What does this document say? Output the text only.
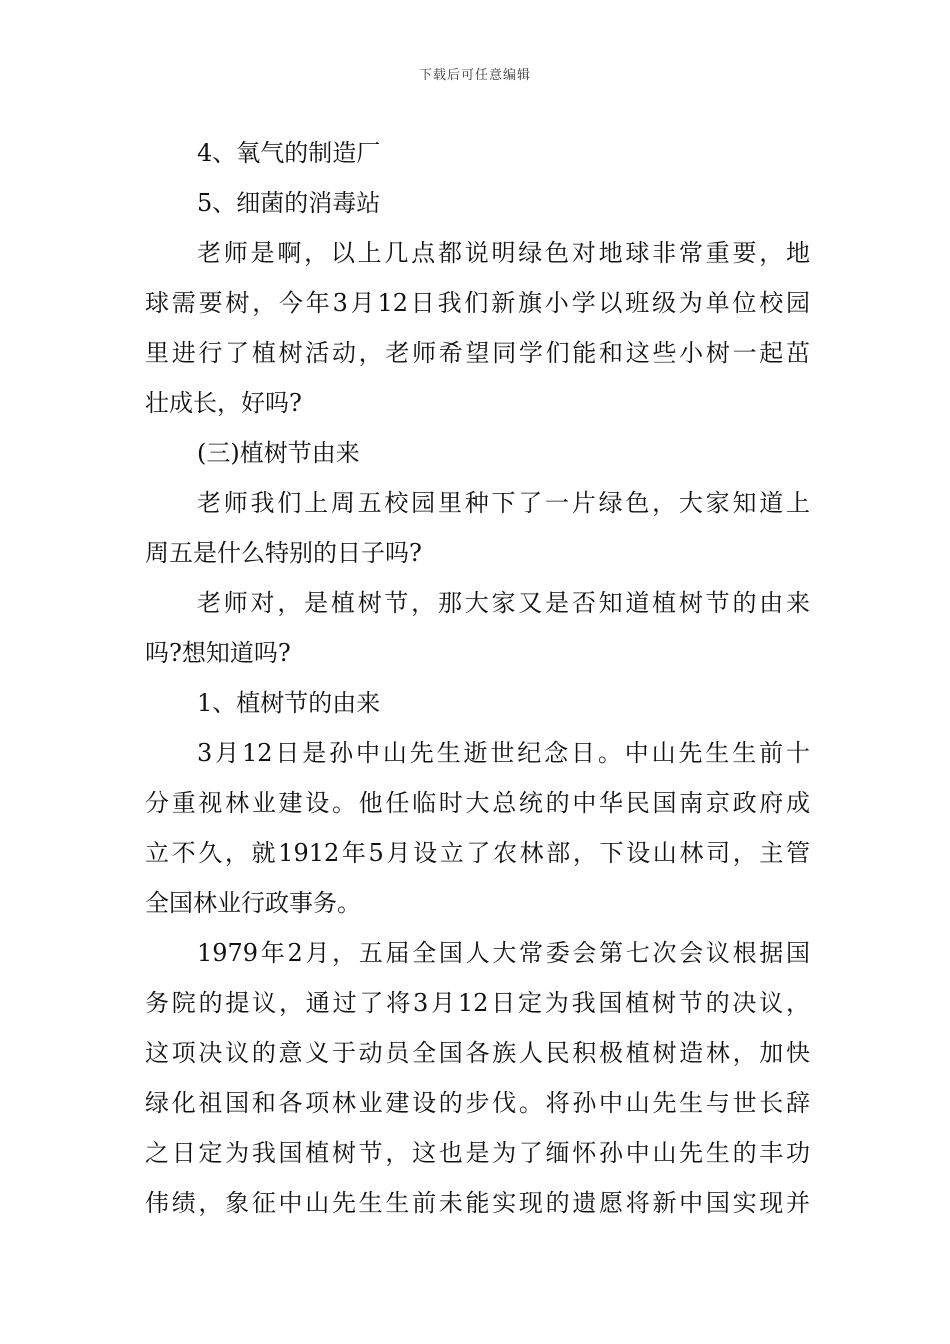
下载后可任意编辑
4、氧气的制造厂
5、细菌的消毒站
老师是啊，以上几点都说明绿色对地球非常重要，地
球需要树，今年3月12日我们新旗小学以班级为单位校园
里进行了植树活动，老师希望同学们能和这些小树一起茁
壮成长，好吗?
(三)植树节由来
老师我们上周五校园里种下了一片绿色，大家知道上
周五是什么特别的日子吗?
老师对，是植树节，那大家又是否知道植树节的由来
吗?想知道吗?
1、植树节的由来
3月12日是孙中山先生逝世纪念日。中山先生生前十
分重视林业建设。他任临时大总统的中华民国南京政府成
立不久，就1912年5月设立了农林部，下设山林司，主管
全国林业行政事务。
1979年2月，五届全国人大常委会第七次会议根据国
务院的提议，通过了将3月12日定为我国植树节的决议，
这项决议的意义于动员全国各族人民积极植树造林，加快
绿化祖国和各项林业建设的步伐。将孙中山先生与世长辞
之日定为我国植树节，这也是为了缅怀孙中山先生的丰功
伟绩，象征中山先生生前未能实现的遗愿将新中国实现并
